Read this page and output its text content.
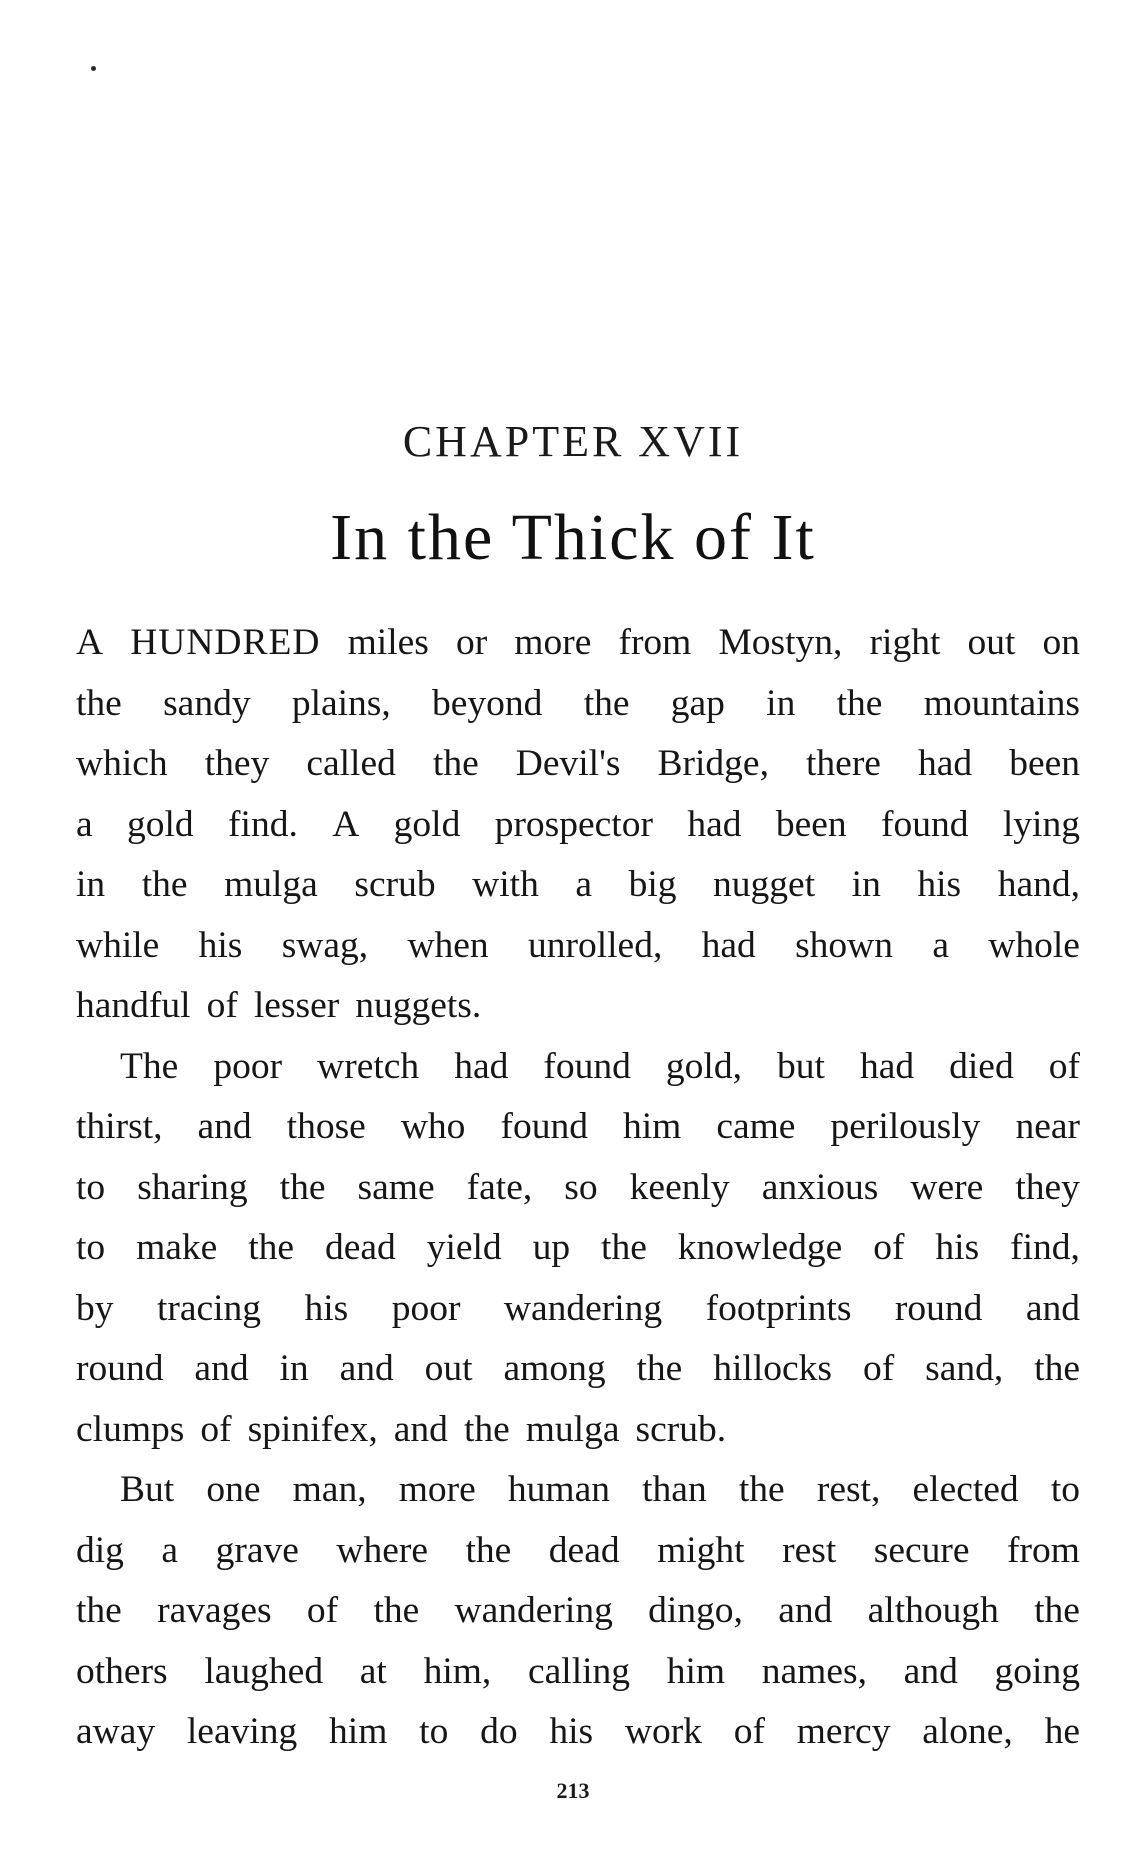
CHAPTER XVII
In the Thick of It
A HUNDRED miles or more from Mostyn, right out on
the sandy plains, beyond the gap in the mountains
which they called the Devil's Bridge, there had been
a gold find. A gold prospector had been found lying
in the mulga scrub with a big nugget in his hand,
while his swag, when unrolled, had shown a whole
handful of lesser nuggets.
The poor wretch had found gold, but had died of
thirst, and those who found him came perilously near
to sharing the same fate, so keenly anxious were they
to make the dead yield up the knowledge of his find,
by tracing his poor wandering footprints round and
round and in and out among the hillocks of sand, the
clumps of spinifex, and the mulga scrub.
But one man, more human than the rest, elected to
dig a grave where the dead might rest secure from
the ravages of the wandering dingo, and although the
others laughed at him, calling him names, and going
away leaving him to do his work of mercy alone, he
213
